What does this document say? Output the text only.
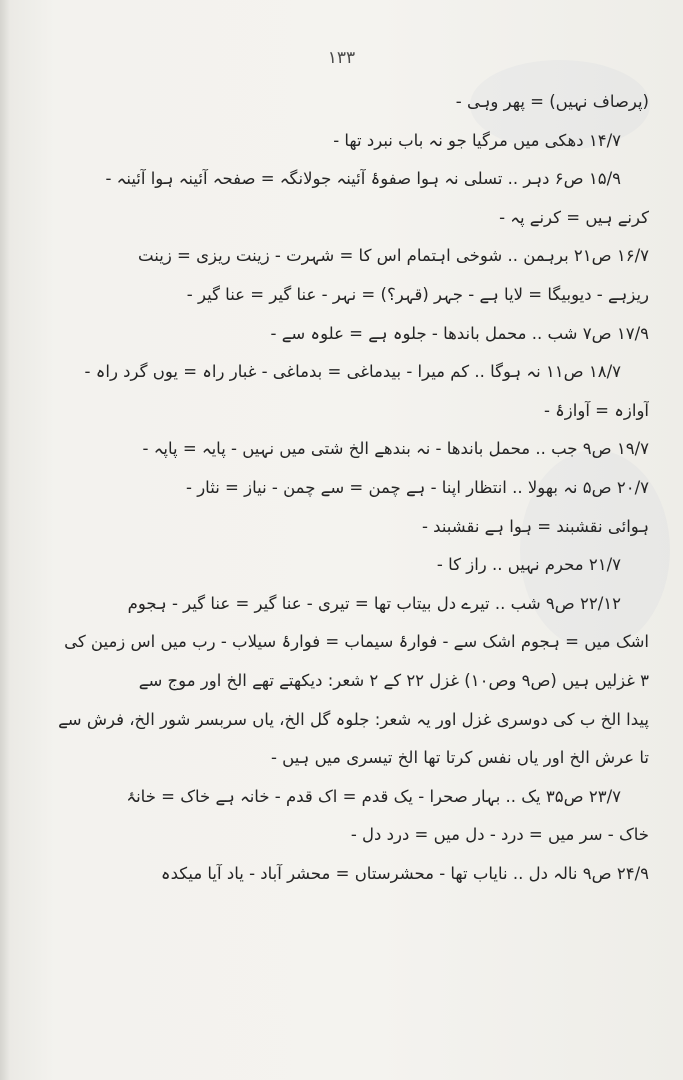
۱۳۳
(پرصاف نہیں) = پھر وہی -
۱۴/۷ دھکی میں مرگیا جو نہ باب نبرد تھا -
۱۵/۹ ص۶ دہر .. تسلی نہ ہوا صفوۂ آئینہ جولانگہ = صفحہ آئینہ ہوا آئینہ -
کرنے ہیں = کرنے پہ -
۱۶/۷ ص۲۱ برہمن .. شوخی اہتمام اس کا = شہرت - زینت ریزی = زینت
ریزہے - دیوبیگا = لایا ہے - جہر (قہر؟) = نہر - عنا گیر = عنا گیر -
۱۷/۹ ص۷ شب .. محمل باندھا - جلوہ ہے = علوہ سے -
۱۸/۷ ص۱۱ نہ ہوگا .. کم میرا - بیدماغی = بدماغی - غبار راہ = یوں گرد راہ -
آوازہ = آوازۂ -
۱۹/۷ ص۹ جب .. محمل باندھا - نہ بندھے الخ شتی میں نہیں - پایہ = پاپہ -
۲۰/۷ ص۵ نہ بھولا .. انتظار اپنا - ہے چمن = سے چمن - نیاز = نثار -
ہوائی نقشبند = ہوا ہے نقشبند -
۲۱/۷ محرم نہیں .. راز کا -
۲۲/۱۲ ص۹ شب .. تیرے دل بیتاب تھا = تیری - عنا گیر = عنا گیر - ہجوم
اشک میں = ہجوم اشک سے - فوارۂ سیماب = فوارۂ سیلاب - رب میں اس زمین کی
۳ غزلیں ہیں (ص۹ وص۱۰) غزل ۲۲ کے ۲ شعر: دیکھتے تھے الخ اور موج سے
پیدا الخ ب کی دوسری غزل اور یہ شعر: جلوہ گل الخ، یاں سربسر شور الخ، فرش سے
تا عرش الخ اور یاں نفس کرتا تھا الخ تیسری میں ہیں -
۲۳/۷ ص۳۵ یک .. بہار صحرا - یک قدم = اک قدم - خانہ ہے خاک = خانۂ
خاک - سر میں = درد - دل میں = درد دل -
۲۴/۹ ص۹ نالہ دل .. نایاب تھا - محشرستاں = محشر آباد - یاد آیا میکدہ
